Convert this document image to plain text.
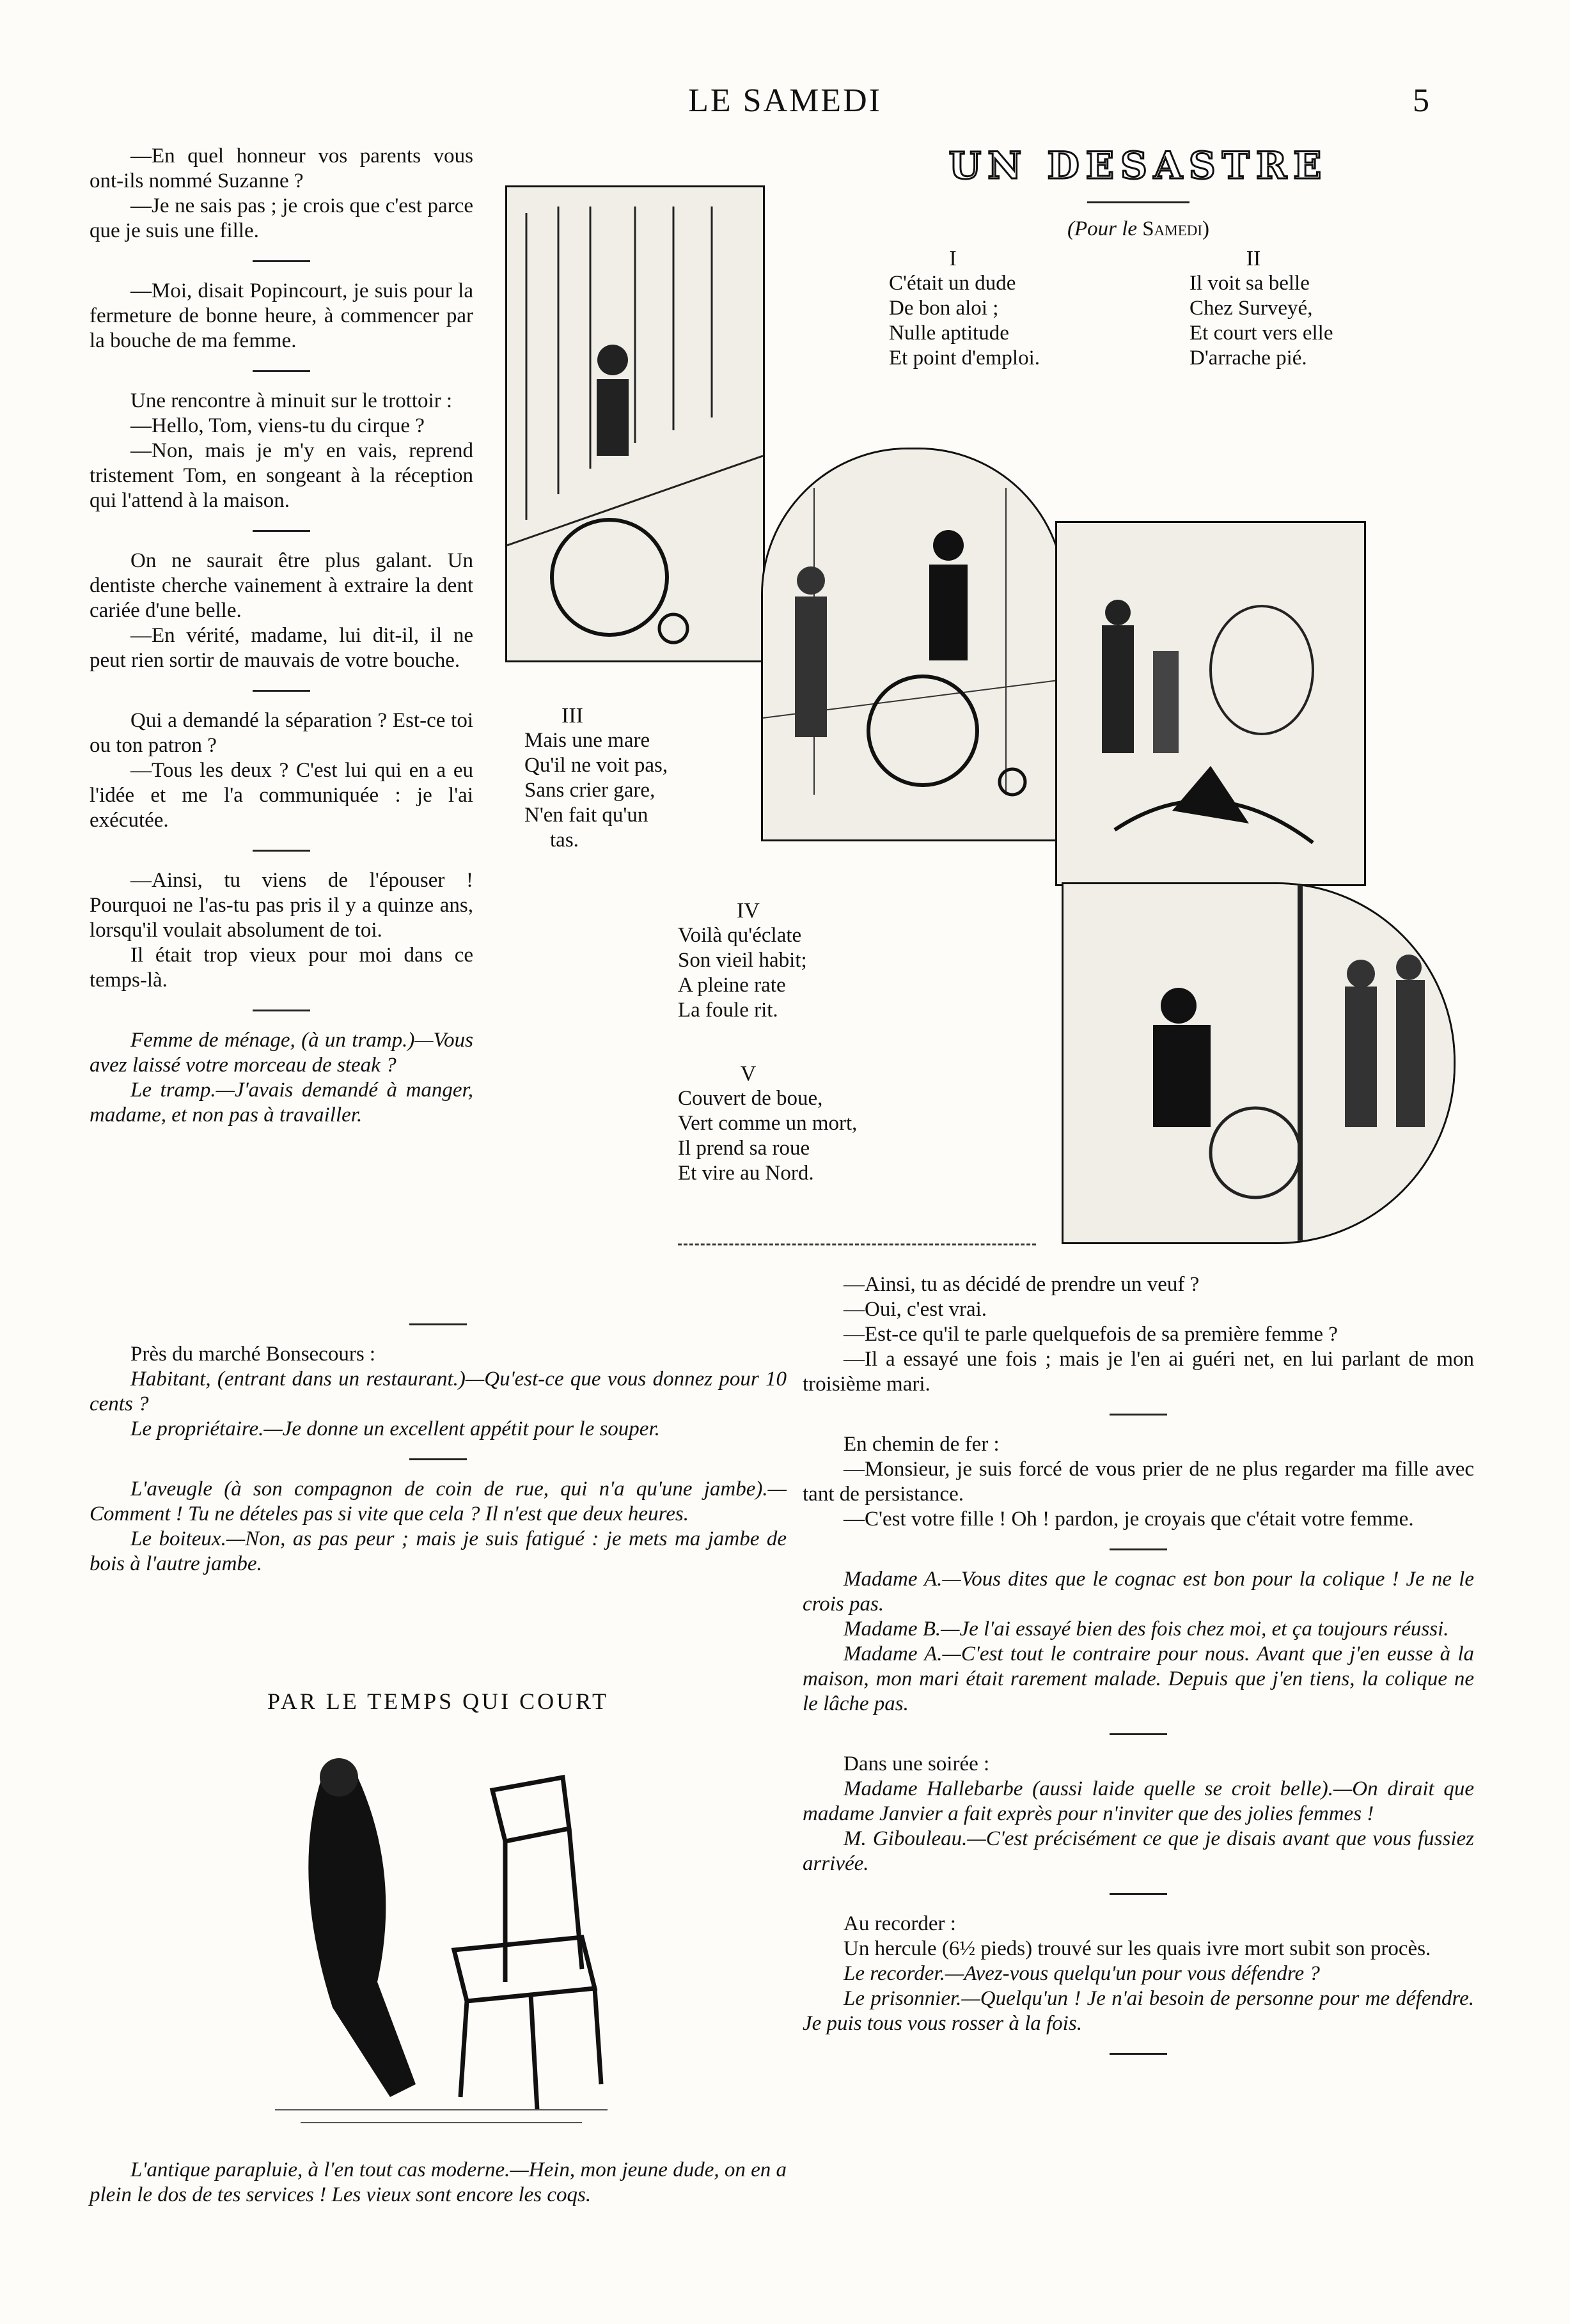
LE SAMEDI	5

—En quel honneur vos parents vous ont-ils nommé Suzanne ?

—Je ne sais pas ; je crois que c'est parce que je suis une fille.

—Moi, disait Popincourt, je suis pour la fermeture de bonne heure, à commencer par la bouche de ma femme.

Une rencontre à minuit sur le trottoir :

—Hello, Tom, viens-tu du cirque ?

—Non, mais je m'y en vais, reprend tristement Tom, en songeant à la réception qui l'attend à la maison.

On ne saurait être plus galant. Un dentiste cherche vainement à extraire la dent cariée d'une belle.

—En vérité, madame, lui dit-il, il ne peut rien sortir de mauvais de votre bouche.

Qui a demandé la séparation ? Est-ce toi ou ton patron ?

—Tous les deux ? C'est lui qui en a eu l'idée et me l'a communiquée : je l'ai exécutée.

—Ainsi, tu viens de l'épouser ! Pourquoi ne l'as-tu pas pris il y a quinze ans, lorsqu'il voulait absolument de toi.

Il était trop vieux pour moi dans ce temps-là.

Femme de ménage, (à un tramp.)—Vous avez laissé votre morceau de steak ?

Le tramp.—J'avais demandé à manger, madame, et non pas à travailler.

UN DESASTRE
(Pour le Samedi)
I
C'était un dude
De bon aloi ;
Nulle aptitude
Et point d'emploi.
II
Il voit sa belle
Chez Surveyé,
Et court vers elle
D'arrache pié.
III
Mais une mare
Qu'il ne voit pas,
Sans crier gare,
N'en fait qu'un
tas.
IV
Voilà qu'éclate
Son vieil habit;
A pleine rate
La foule rit.
V
Couvert de boue,
Vert comme un mort,
Il prend sa roue
Et vire au Nord.

Près du marché Bonsecours :

Habitant, (entrant dans un restaurant.)—Qu'est-ce que vous donnez pour 10 cents ?

Le propriétaire.—Je donne un excellent appétit pour le souper.

L'aveugle (à son compagnon de coin de rue, qui n'a qu'une jambe).—Comment ! Tu ne dételes pas si vite que cela ? Il n'est que deux heures.

Le boiteux.—Non, as pas peur ; mais je suis fatigué : je mets ma jambe de bois à l'autre jambe.

PAR LE TEMPS QUI COURT

L'antique parapluie, à l'en tout cas moderne.—Hein, mon jeune dude, on en a plein le dos de tes services ! Les vieux sont encore les coqs.

—Ainsi, tu as décidé de prendre un veuf ?

—Oui, c'est vrai.

—Est-ce qu'il te parle quelquefois de sa première femme ?

—Il a essayé une fois ; mais je l'en ai guéri net, en lui parlant de mon troisième mari.

En chemin de fer :

—Monsieur, je suis forcé de vous prier de ne plus regarder ma fille avec tant de persistance.

—C'est votre fille ! Oh ! pardon, je croyais que c'était votre femme.

Madame A.—Vous dites que le cognac est bon pour la colique ! Je ne le crois pas.

Madame B.—Je l'ai essayé bien des fois chez moi, et ça toujours réussi.

Madame A.—C'est tout le contraire pour nous. Avant que j'en eusse à la maison, mon mari était rarement malade. Depuis que j'en tiens, la colique ne le lâche pas.

Dans une soirée :

Madame Hallebarbe (aussi laide quelle se croit belle).—On dirait que madame Janvier a fait exprès pour n'inviter que des jolies femmes !

M. Gibouleau.—C'est précisément ce que je disais avant que vous fussiez arrivée.

Au recorder :

Un hercule (6½ pieds) trouvé sur les quais ivre mort subit son procès.

Le recorder.—Avez-vous quelqu'un pour vous défendre ?

Le prisonnier.—Quelqu'un ! Je n'ai besoin de personne pour me défendre. Je puis tous vous rosser à la fois.
